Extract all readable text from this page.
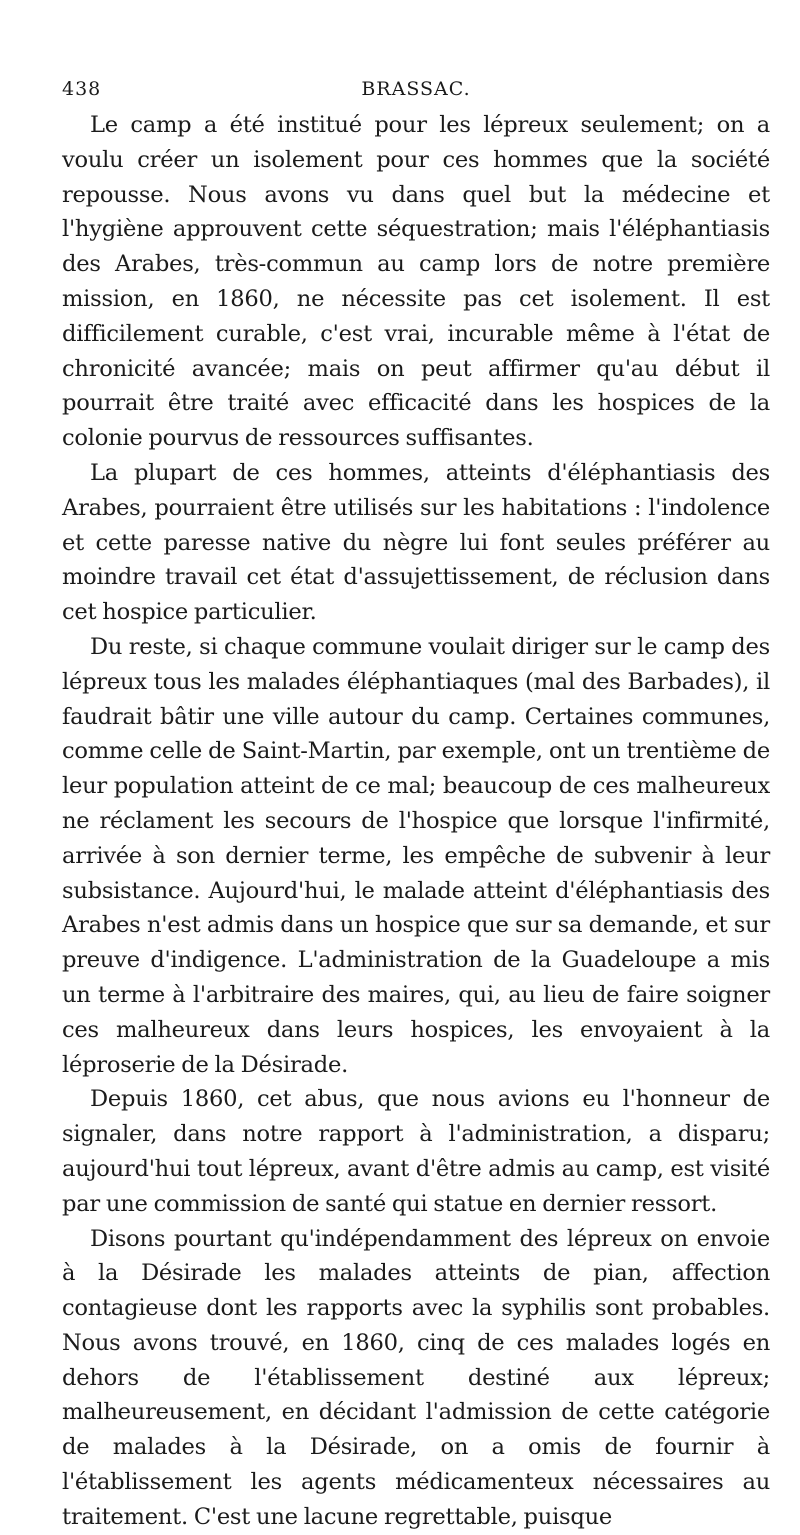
438	BRASSAC.

Le camp a été institué pour les lépreux seulement; on a voulu créer un isolement pour ces hommes que la société repousse. Nous avons vu dans quel but la médecine et l'hygiène approuvent cette séquestration; mais l'éléphantiasis des Arabes, très-commun au camp lors de notre première mission, en 1860, ne nécessite pas cet isolement. Il est difficilement curable, c'est vrai, incurable même à l'état de chronicité avancée; mais on peut affirmer qu'au début il pourrait être traité avec efficacité dans les hospices de la colonie pourvus de ressources suffisantes.

La plupart de ces hommes, atteints d'éléphantiasis des Arabes, pourraient être utilisés sur les habitations : l'indolence et cette paresse native du nègre lui font seules préférer au moindre travail cet état d'assujettissement, de réclusion dans cet hospice particulier.

Du reste, si chaque commune voulait diriger sur le camp des lépreux tous les malades éléphantiaques (mal des Barbades), il faudrait bâtir une ville autour du camp. Certaines communes, comme celle de Saint-Martin, par exemple, ont un trentième de leur population atteint de ce mal; beaucoup de ces malheureux ne réclament les secours de l'hospice que lorsque l'infirmité, arrivée à son dernier terme, les empêche de subvenir à leur subsistance. Aujourd'hui, le malade atteint d'éléphantiasis des Arabes n'est admis dans un hospice que sur sa demande, et sur preuve d'indigence. L'administration de la Guadeloupe a mis un terme à l'arbitraire des maires, qui, au lieu de faire soigner ces malheureux dans leurs hospices, les envoyaient à la léproserie de la Désirade.

Depuis 1860, cet abus, que nous avions eu l'honneur de signaler, dans notre rapport à l'administration, a disparu; aujourd'hui tout lépreux, avant d'être admis au camp, est visité par une commission de santé qui statue en dernier ressort.

Disons pourtant qu'indépendamment des lépreux on envoie à la Désirade les malades atteints de pian, affection contagieuse dont les rapports avec la syphilis sont probables. Nous avons trouvé, en 1860, cinq de ces malades logés en dehors de l'établissement destiné aux lépreux; malheureusement, en décidant l'admission de cette catégorie de malades à la Désirade, on a omis de fournir à l'établissement les agents médicamenteux nécessaires au traitement. C'est une lacune regrettable, puisque
